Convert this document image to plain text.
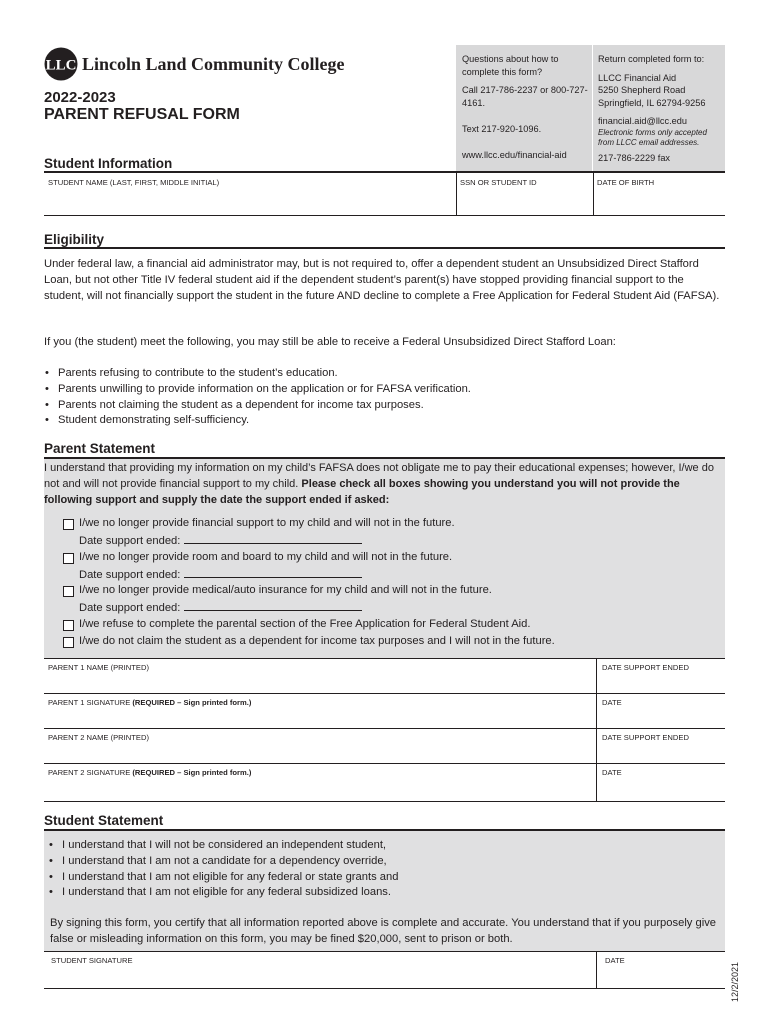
LLC Lincoln Land Community College
2022-2023
PARENT REFUSAL FORM

Questions about how to complete this form?

Call 217-786-2237 or 800-727-4161.

Text 217-920-1096.

www.llcc.edu/financial-aid

Return completed form to:

LLCC Financial Aid

5250 Shepherd Road

Springfield, IL 62794-9256

financial.aid@llcc.edu

Electronic forms only accepted from LLCC email addresses.

217-786-2229 fax

Student Information
STUDENT NAME (LAST, FIRST, MIDDLE INITIAL)	SSN OR STUDENT ID	DATE OF BIRTH
Eligibility
Under federal law, a financial aid administrator may, but is not required to, offer a dependent student an Unsubsidized Direct Stafford Loan, but not other Title IV federal student aid if the dependent student’s parent(s) have stopped providing financial support to the student, will not financially support the student in the future AND decline to complete a Free Application for Federal Student Aid (FAFSA).
If you (the student) meet the following, you may still be able to receive a Federal Unsubsidized Direct Stafford Loan:
• Parents refusing to contribute to the student’s education.
• Parents unwilling to provide information on the application or for FAFSA verification.
• Parents not claiming the student as a dependent for income tax purposes.
• Student demonstrating self-sufficiency.
Parent Statement
I understand that providing my information on my child’s FAFSA does not obligate me to pay their educational expenses; however, I/we do not and will not provide financial support to my child. Please check all boxes showing you understand you will not provide the following support and supply the date the support ended if asked:
I/we no longer provide financial support to my child and will not in the future.
Date support ended:
I/we no longer provide room and board to my child and will not in the future.
Date support ended:
I/we no longer provide medical/auto insurance for my child and will not in the future.
Date support ended:
I/we refuse to complete the parental section of the Free Application for Federal Student Aid.
I/we do not claim the student as a dependent for income tax purposes and I will not in the future.
PARENT 1 NAME (PRINTED)	DATE SUPPORT ENDED
PARENT 1 SIGNATURE (REQUIRED – Sign printed form.)	DATE
PARENT 2 NAME (PRINTED)	DATE SUPPORT ENDED
PARENT 2 SIGNATURE (REQUIRED – Sign printed form.)	DATE
Student Statement
• I understand that I will not be considered an independent student,
• I understand that I am not a candidate for a dependency override,
• I understand that I am not eligible for any federal or state grants and
• I understand that I am not eligible for any federal subsidized loans.
By signing this form, you certify that all information reported above is complete and accurate. You understand that if you purposely give false or misleading information on this form, you may be fined $20,000, sent to prison or both.
STUDENT SIGNATURE	DATE
12/2/2021
